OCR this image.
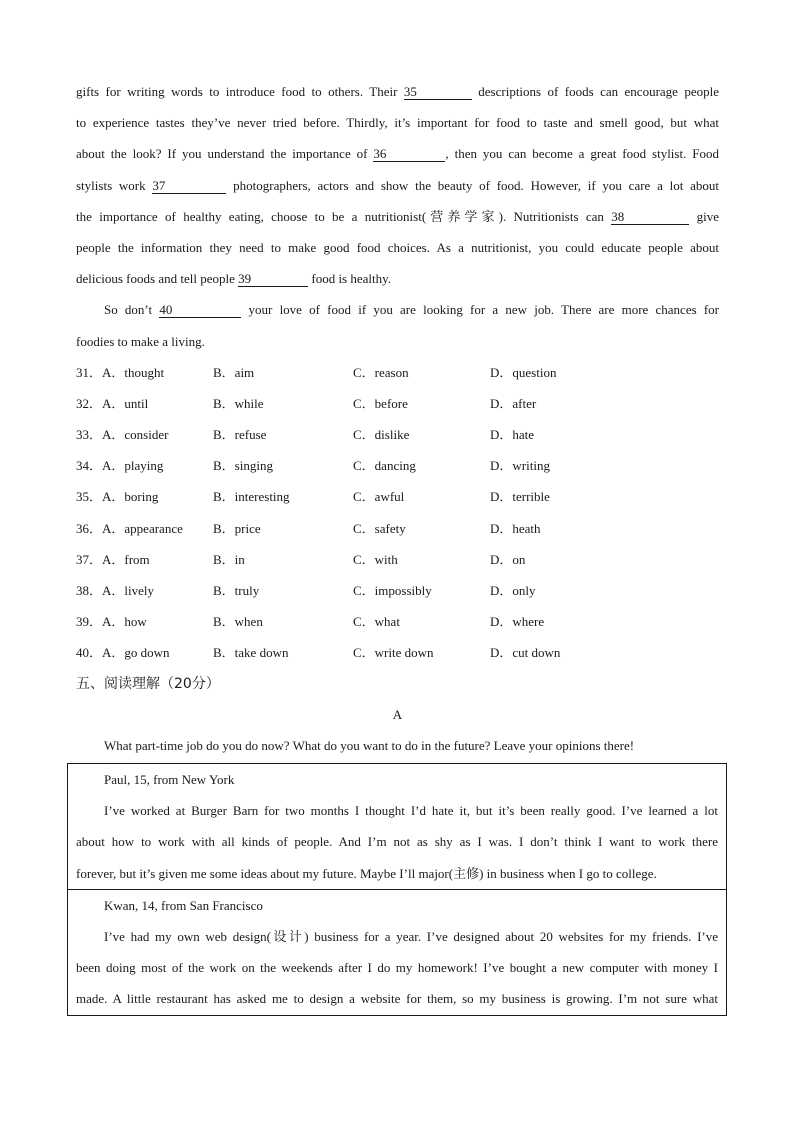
gifts for writing words to introduce food to others. Their 35	descriptions of foods can encourage people
to experience tastes they’ve never tried before. Thirdly, it’s important for food to taste and smell good, but what
about the look? If you understand the importance of 36	, then you can become a great food stylist. Food
stylists work 37	photographers, actors and show the beauty of food. However, if you care a lot about
the importance of healthy eating, choose to be a nutritionist(营养学家). Nutritionists can 38	give
people the information they need to make good food choices. As a nutritionist, you could educate people about
delicious foods and tell people 39	food is healthy.
So don’t 40	your love of food if you are looking for a new job. There are more chances for
foodies to make a living.
31．A．thought	B．aim	C．reason	D．question
32．A．until	B．while	C．before	D．after
33．A．consider	B．refuse	C．dislike	D．hate
34．A．playing	B．singing	C．dancing	D．writing
35．A．boring	B．interesting	C．awful	D．terrible
36．A．appearance B．price	C．safety	D．heath
37．A．from	B．in	C．with	D．on
38．A．lively	B．truly	C．impossibly	D．only
39．A．how	B．when	C．what	D．where
40．A．go down	B．take down	C．write down	D．cut down
五、阅读理解（20分）
A
What part-time job do you do now? What do you want to do in the future? Leave your opinions there!
Paul, 15, from New York
I’ve worked at Burger Barn for two months I thought I’d hate it, but it’s been really good. I’ve learned a lot
about how to work with all kinds of people. And I’m not as shy as I was. I don’t think I want to work there
forever, but it’s given me some ideas about my future. Maybe I’ll major(主修) in business when I go to college.
Kwan, 14, from San Francisco
I’ve had my own web design(设计) business for a year. I’ve designed about 20 websites for my friends. I’ve
been doing most of the work on the weekends after I do my homework! I’ve bought a new computer with money I
made. A little restaurant has asked me to design a website for them, so my business is growing. I’m not sure what
